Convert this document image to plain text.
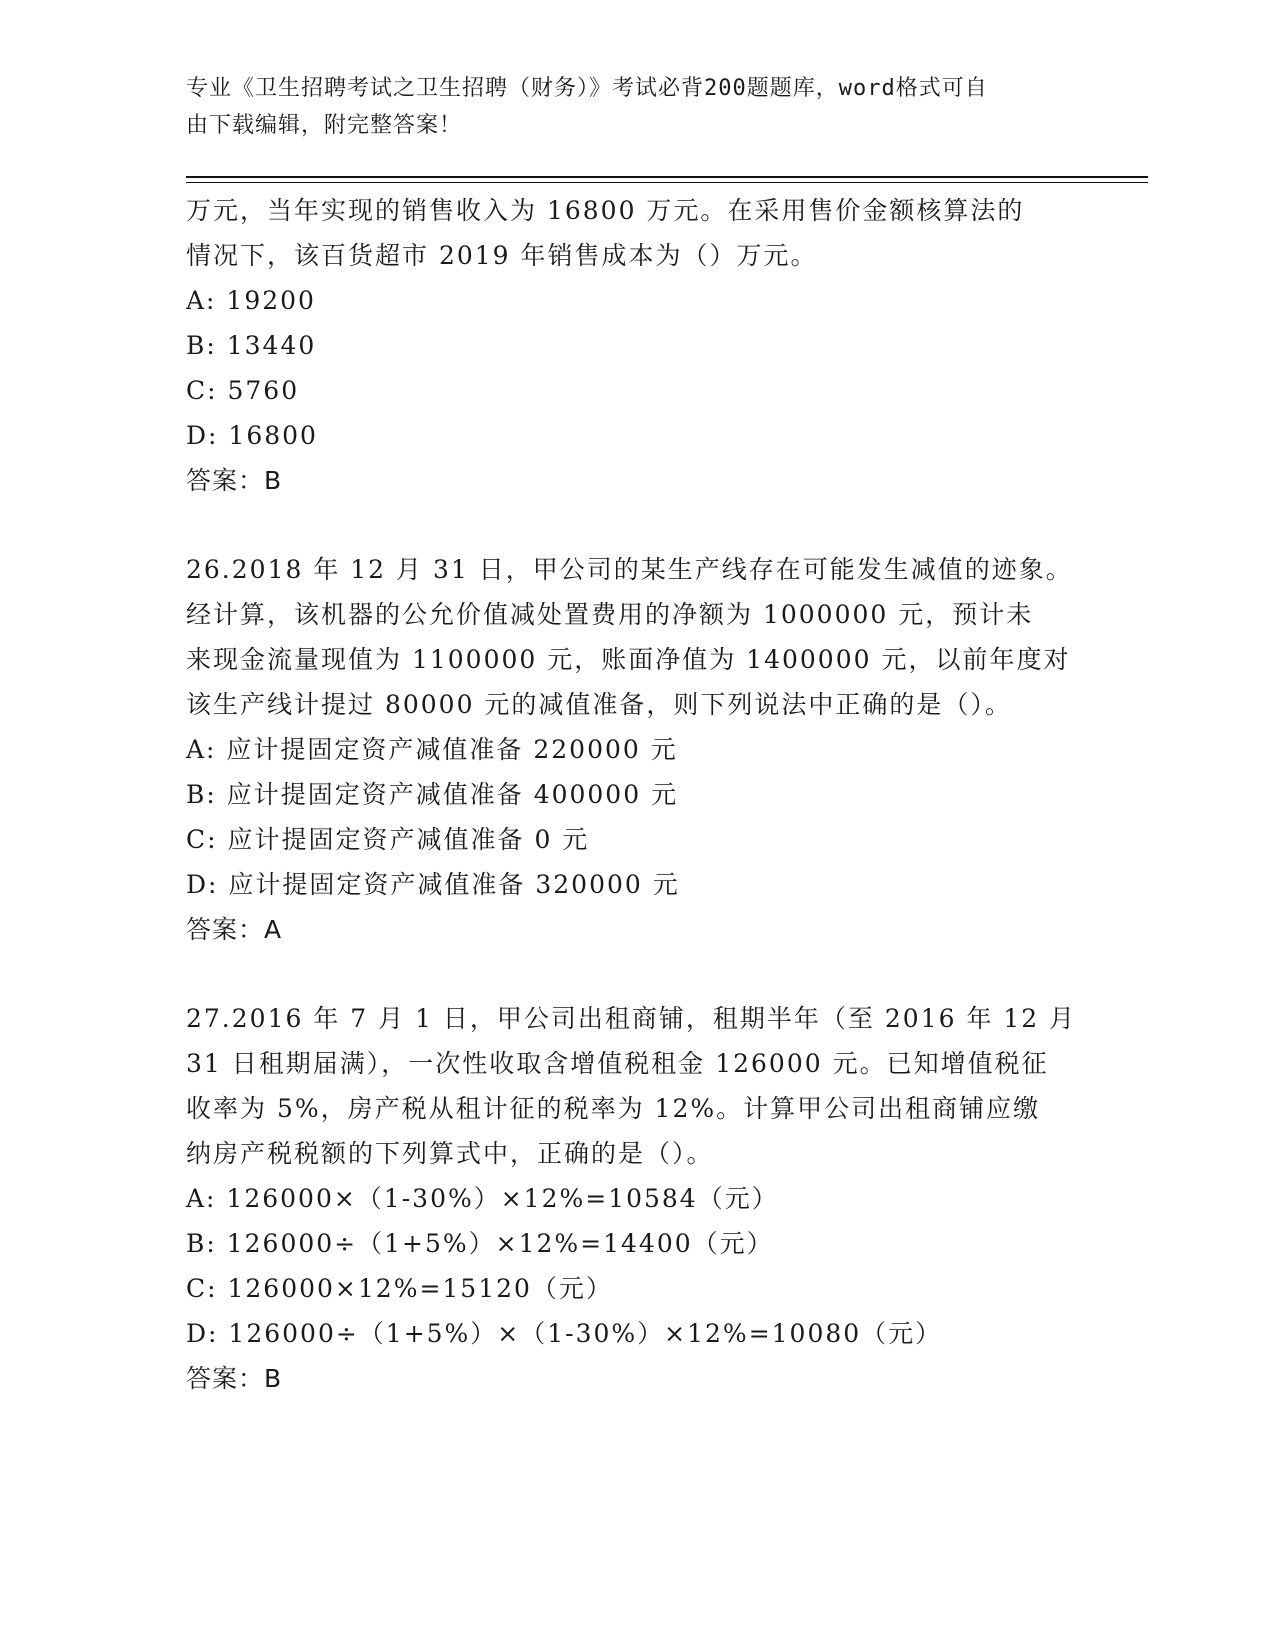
专业《卫生招聘考试之卫生招聘（财务）》考试必背200题题库，word格式可自
由下载编辑，附完整答案！
万元，当年实现的销售收入为 16800 万元。在采用售价金额核算法的
情况下，该百货超市 2019 年销售成本为（）万元。
A: 19200
B: 13440
C: 5760
D: 16800
答案：B
26.2018 年 12 月 31 日，甲公司的某生产线存在可能发生减值的迹象。
经计算，该机器的公允价值减处置费用的净额为 1000000 元，预计未
来现金流量现值为 1100000 元，账面净值为 1400000 元，以前年度对
该生产线计提过 80000 元的减值准备，则下列说法中正确的是（）。
A: 应计提固定资产减值准备 220000 元
B: 应计提固定资产减值准备 400000 元
C: 应计提固定资产减值准备 0 元
D: 应计提固定资产减值准备 320000 元
答案：A
27.2016 年 7 月 1 日，甲公司出租商铺，租期半年（至 2016 年 12 月
31 日租期届满），一次性收取含增值税租金 126000 元。已知增值税征
收率为 5%，房产税从租计征的税率为 12%。计算甲公司出租商铺应缴
纳房产税税额的下列算式中，正确的是（）。
A: 126000×（1-30%）×12%=10584（元）
B: 126000÷（1+5%）×12%=14400（元）
C: 126000×12%=15120（元）
D: 126000÷（1+5%）×（1-30%）×12%=10080（元）
答案：B
